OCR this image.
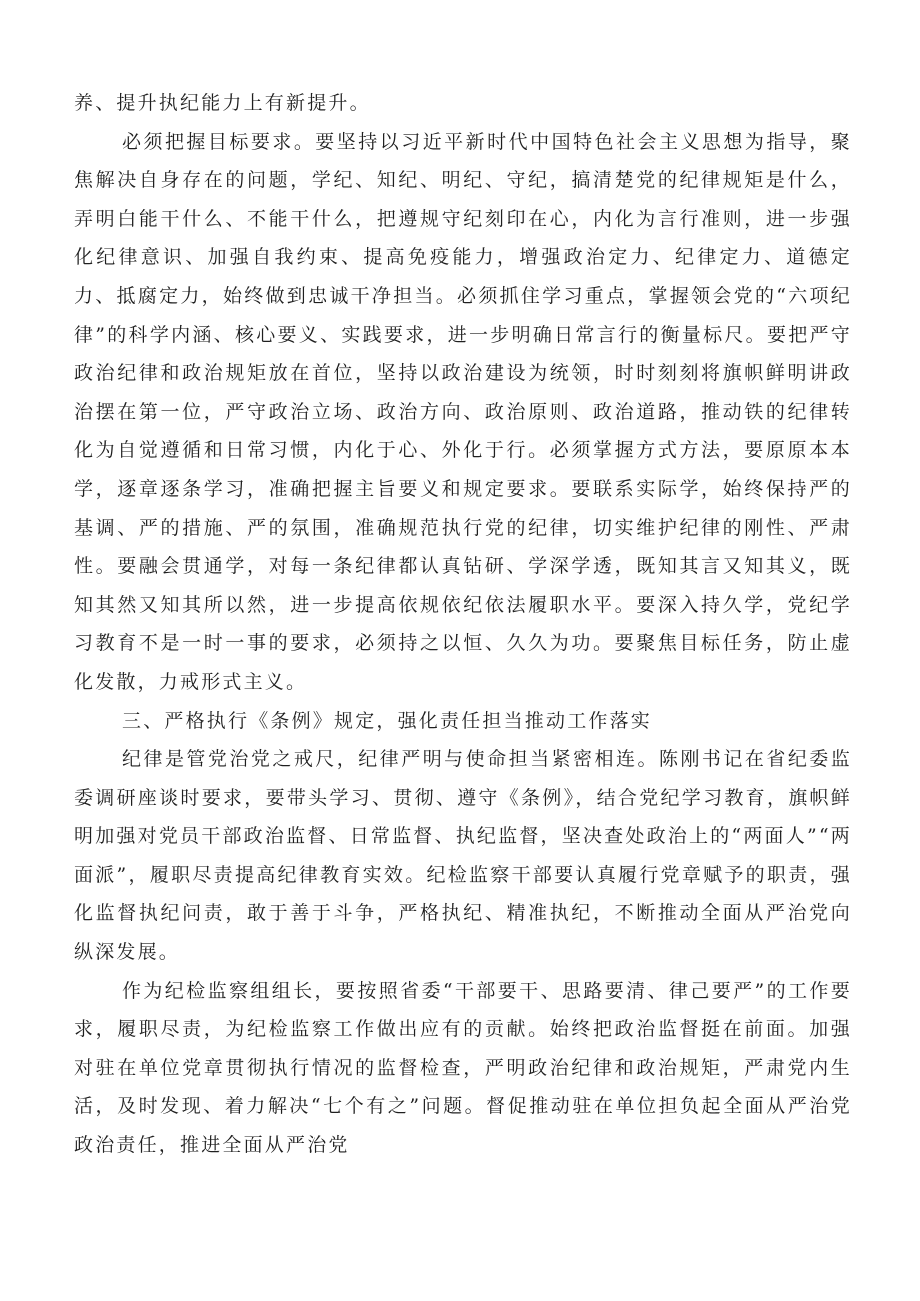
养、提升执纪能力上有新提升。

必须把握目标要求。要坚持以习近平新时代中国特色社会主义思想为指导，聚焦解决自身存在的问题，学纪、知纪、明纪、守纪，搞清楚党的纪律规矩是什么，弄明白能干什么、不能干什么，把遵规守纪刻印在心，内化为言行准则，进一步强化纪律意识、加强自我约束、提高免疫能力，增强政治定力、纪律定力、道德定力、抵腐定力，始终做到忠诚干净担当。必须抓住学习重点，掌握领会党的“六项纪律”的科学内涵、核心要义、实践要求，进一步明确日常言行的衡量标尺。要把严守政治纪律和政治规矩放在首位，坚持以政治建设为统领，时时刻刻将旗帜鲜明讲政治摆在第一位，严守政治立场、政治方向、政治原则、政治道路，推动铁的纪律转化为自觉遵循和日常习惯，内化于心、外化于行。必须掌握方式方法，要原原本本学，逐章逐条学习，准确把握主旨要义和规定要求。要联系实际学，始终保持严的基调、严的措施、严的氛围，准确规范执行党的纪律，切实维护纪律的刚性、严肃性。要融会贯通学，对每一条纪律都认真钻研、学深学透，既知其言又知其义，既知其然又知其所以然，进一步提高依规依纪依法履职水平。要深入持久学，党纪学习教育不是一时一事的要求，必须持之以恒、久久为功。要聚焦目标任务，防止虚化发散，力戒形式主义。

三、严格执行《条例》规定，强化责任担当推动工作落实

纪律是管党治党之戒尺，纪律严明与使命担当紧密相连。陈刚书记在省纪委监委调研座谈时要求，要带头学习、贯彻、遵守《条例》，结合党纪学习教育，旗帜鲜明加强对党员干部政治监督、日常监督、执纪监督，坚决查处政治上的“两面人”“两面派”，履职尽责提高纪律教育实效。纪检监察干部要认真履行党章赋予的职责，强化监督执纪问责，敢于善于斗争，严格执纪、精准执纪，不断推动全面从严治党向纵深发展。

作为纪检监察组组长，要按照省委“干部要干、思路要清、律己要严”的工作要求，履职尽责，为纪检监察工作做出应有的贡献。始终把政治监督挺在前面。加强对驻在单位党章贯彻执行情况的监督检查，严明政治纪律和政治规矩，严肃党内生活，及时发现、着力解决“七个有之”问题。督促推动驻在单位担负起全面从严治党政治责任，推进全面从严治党
